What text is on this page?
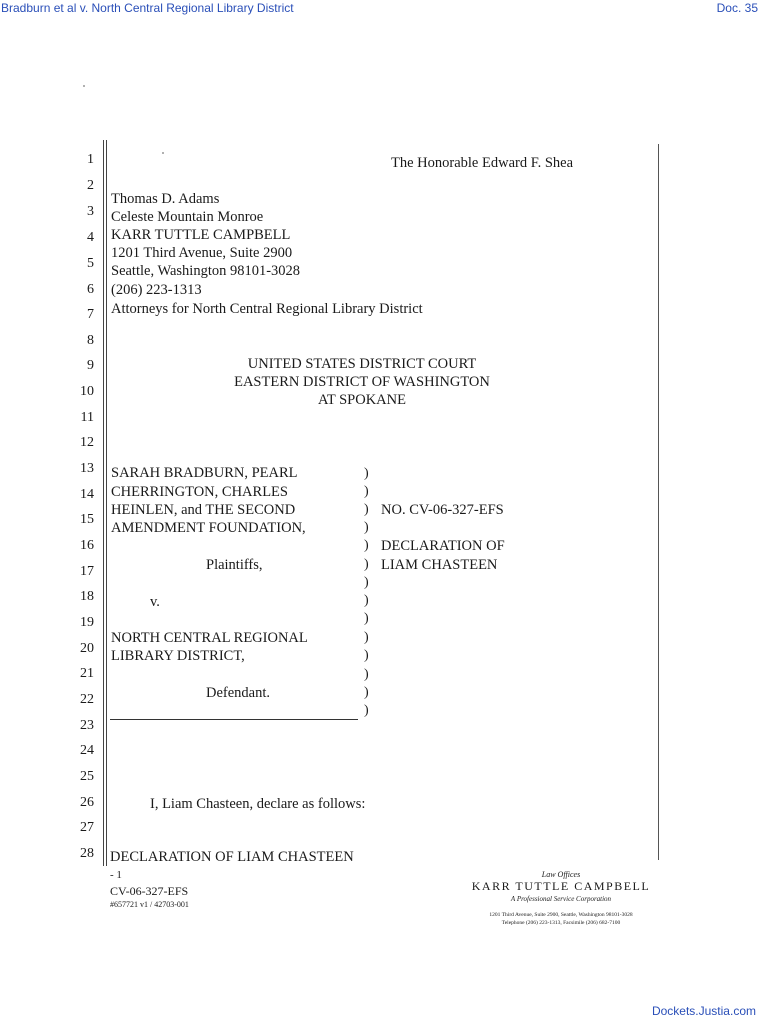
Bradburn et al v. North Central Regional Library District	Doc. 35
Dockets.Justia.com
1
2
3
4
5
6
7
8
9
10
11
12
13
14
15
16
17
18
19
20
21
22
23
24
25
26
27
28
The Honorable Edward F. Shea
Thomas D. Adams
Celeste Mountain Monroe
KARR TUTTLE CAMPBELL
1201 Third Avenue, Suite 2900
Seattle, Washington 98101-3028
(206) 223-1313
Attorneys for North Central Regional Library District
UNITED STATES DISTRICT COURT
EASTERN DISTRICT OF WASHINGTON
AT SPOKANE
SARAH BRADBURN, PEARL
CHERRINGTON, CHARLES
HEINLEN, and THE SECOND
AMENDMENT FOUNDATION,
Plaintiffs,
v.
NORTH CENTRAL REGIONAL
LIBRARY DISTRICT,
Defendant.
)
)
)
)
)
)
)
)
)
)
)
)
)
)
NO. CV-06-327-EFS
DECLARATION OF
LIAM CHASTEEN
I, Liam Chasteen, declare as follows:
DECLARATION OF LIAM CHASTEEN
- 1
CV-06-327-EFS
#657721 v1 / 42703-001
Law Offices
KARR TUTTLE CAMPBELL
A Professional Service Corporation
1201 Third Avenue, Suite 2900, Seattle, Washington 98101-3028
Telephone (206) 223-1313, Facsimile (206) 682-7100
